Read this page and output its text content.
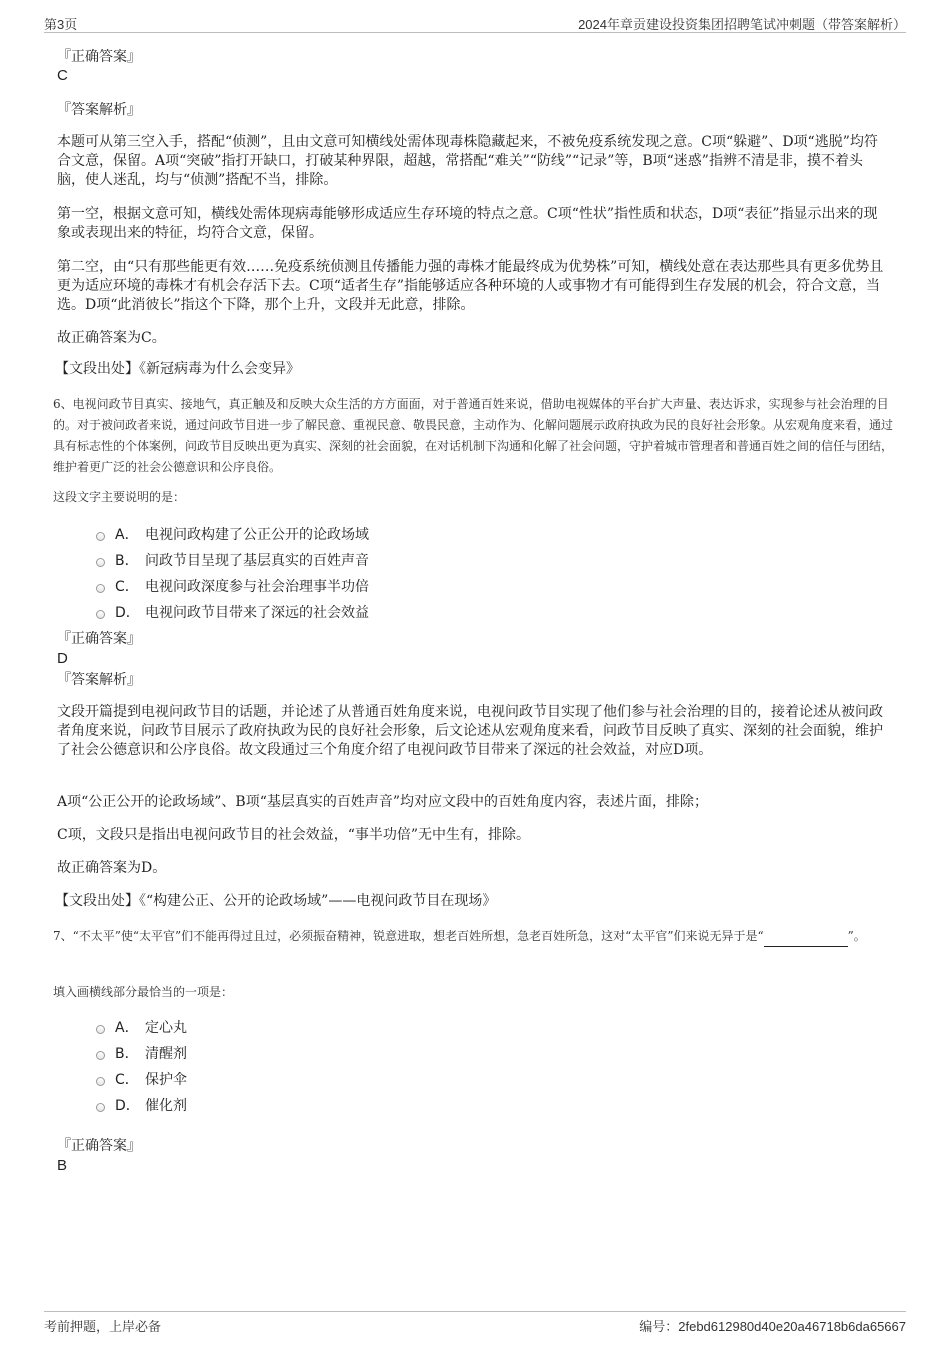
第3页	2024年章贡建设投资集团招聘笔试冲刺题（带答案解析）
『正确答案』
C
『答案解析』
本题可从第三空入手，搭配“侦测”，且由文意可知横线处需体现毒株隐藏起来，不被免疫系统发现之意。C项“躲避”、D项“逃脱”均符合文意，保留。A项“突破”指打开缺口，打破某种界限，超越，常搭配“难关”“防线”“记录”等，B项“迷惑”指辨不清是非，摸不着头脑，使人迷乱，均与“侦测”搭配不当，排除。
第一空，根据文意可知，横线处需体现病毒能够形成适应生存环境的特点之意。C项“性状”指性质和状态，D项“表征”指显示出来的现象或表现出来的特征，均符合文意，保留。
第二空，由“只有那些能更有效……免疫系统侦测且传播能力强的毒株才能最终成为优势株”可知，横线处意在表达那些具有更多优势且更为适应环境的毒株才有机会存活下去。C项“适者生存”指能够适应各种环境的人或事物才有可能得到生存发展的机会，符合文意，当选。D项“此消彼长”指这个下降，那个上升，文段并无此意，排除。
故正确答案为C。
【文段出处】《新冠病毒为什么会变异》
6、电视问政节目真实、接地气，真正触及和反映大众生活的方方面面，对于普通百姓来说，借助电视媒体的平台扩大声量、表达诉求，实现参与社会治理的目的。对于被问政者来说，通过问政节目进一步了解民意、重视民意、敬畏民意，主动作为、化解问题展示政府执政为民的良好社会形象。从宏观角度来看，通过具有标志性的个体案例，问政节目反映出更为真实、深刻的社会面貌，在对话机制下沟通和化解了社会问题，守护着城市管理者和普通百姓之间的信任与团结，维护着更广泛的社会公德意识和公序良俗。
这段文字主要说明的是：
A． 电视问政构建了公正公开的论政场域
B． 问政节目呈现了基层真实的百姓声音
C． 电视问政深度参与社会治理事半功倍
D． 电视问政节目带来了深远的社会效益
『正确答案』
D
『答案解析』
文段开篇提到电视问政节目的话题，并论述了从普通百姓角度来说，电视问政节目实现了他们参与社会治理的目的，接着论述从被问政者角度来说，问政节目展示了政府执政为民的良好社会形象，后文论述从宏观角度来看，问政节目反映了真实、深刻的社会面貌，维护了社会公德意识和公序良俗。故文段通过三个角度介绍了电视问政节目带来了深远的社会效益，对应D项。
A项“公正公开的论政场域”、B项“基层真实的百姓声音”均对应文段中的百姓角度内容，表述片面，排除；
C项，文段只是指出电视问政节目的社会效益，“事半功倍”无中生有，排除。
故正确答案为D。
【文段出处】《“构建公正、公开的论政场域”——电视问政节目在现场》
7、“不太平”使“太平官”们不能再得过且过，必须振奋精神，锐意进取，想老百姓所想，急老百姓所急，这对“太平官”们来说无异于是“	”。
填入画横线部分最恰当的一项是：
A． 定心丸
B． 清醒剂
C． 保护伞
D． 催化剂
『正确答案』
B
考前押题，上岸必备	编号：2febd612980d40e20a46718b6da65667
